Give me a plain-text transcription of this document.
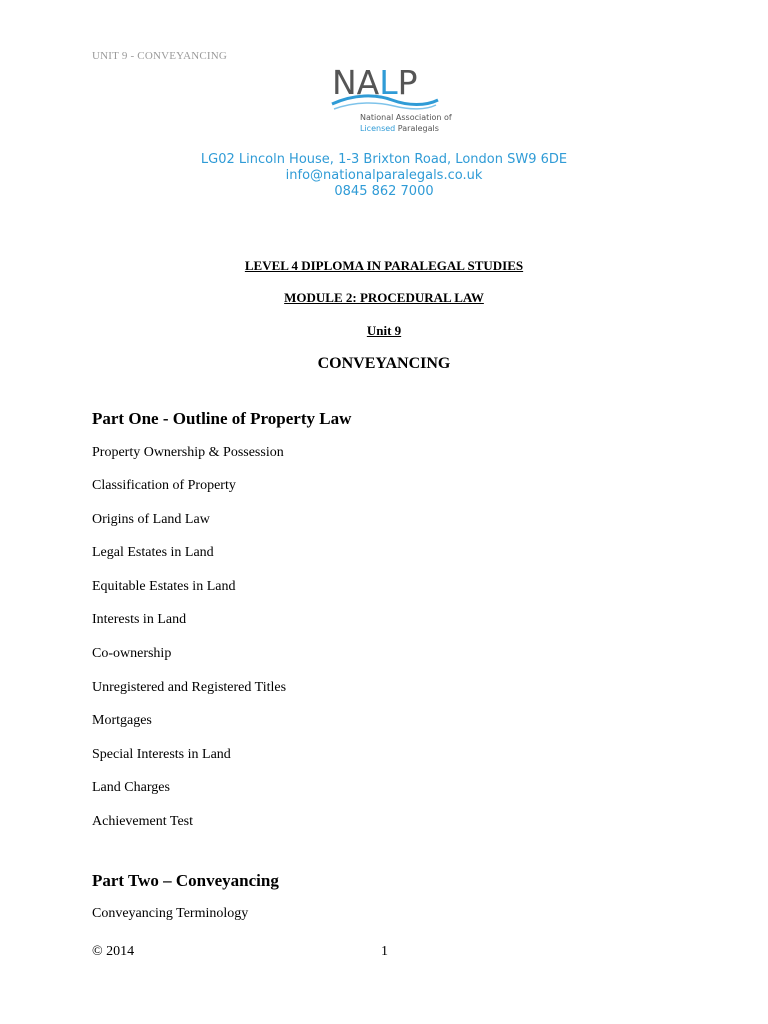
UNIT 9 - CONVEYANCING
NALP
National Association of
Licensed Paralegals
LG02 Lincoln House, 1-3 Brixton Road, London SW9 6DE
info@nationalparalegals.co.uk
0845 862 7000
LEVEL 4 DIPLOMA IN PARALEGAL STUDIES
MODULE 2: PROCEDURAL LAW
Unit 9
CONVEYANCING
Part One - Outline of Property Law
Property Ownership & Possession
Classification of Property
Origins of Land Law
Legal Estates in Land
Equitable Estates in Land
Interests in Land
Co-ownership
Unregistered and Registered Titles
Mortgages
Special Interests in Land
Land Charges
Achievement Test
Part Two – Conveyancing
Conveyancing Terminology
© 2014	1
